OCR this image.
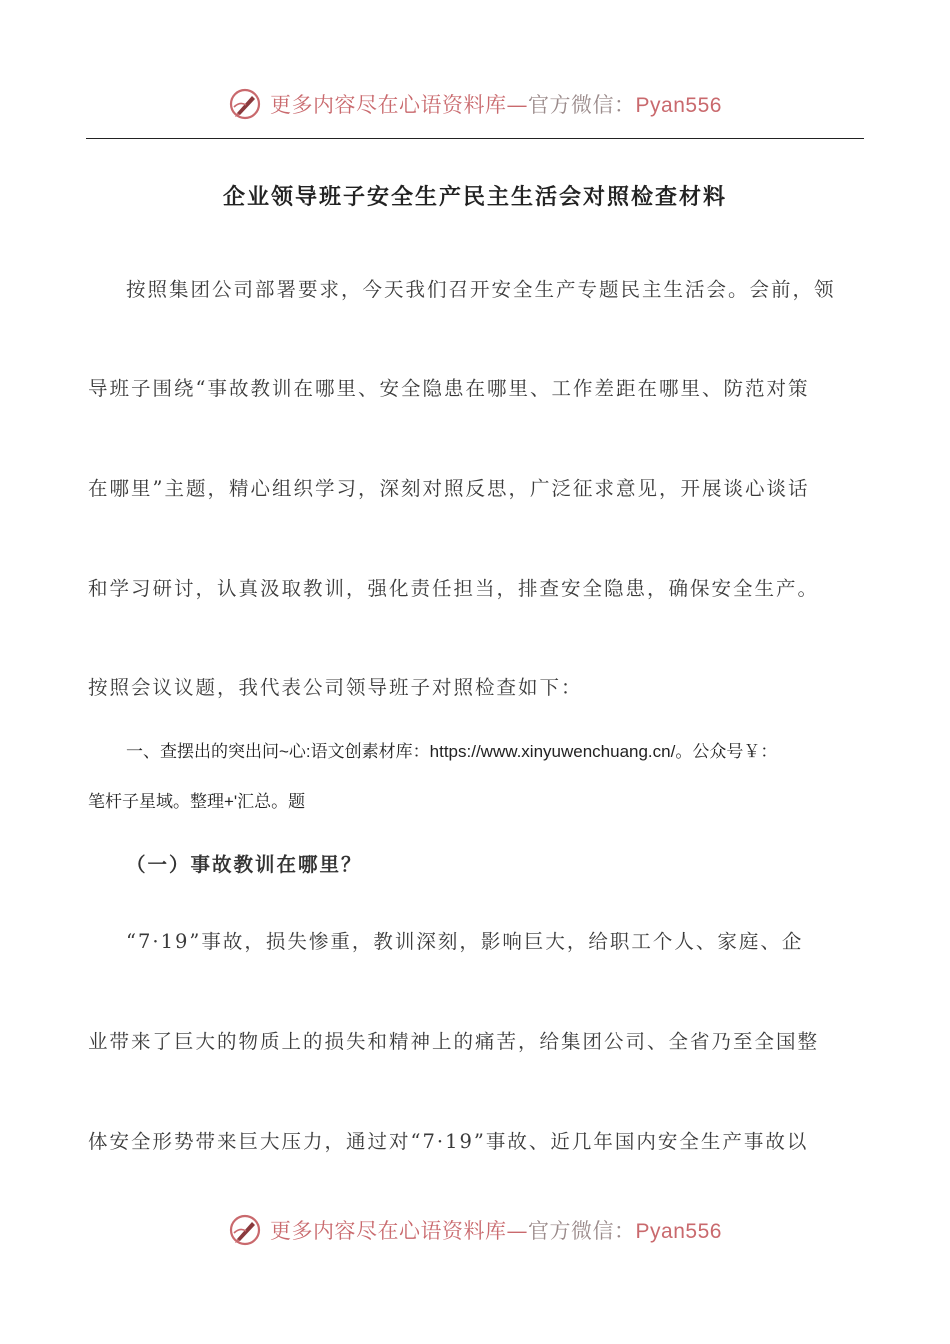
更多内容尽在心语资料库—官方微信：Pyan556
企业领导班子安全生产民主生活会对照检查材料
按照集团公司部署要求，今天我们召开安全生产专题民主生活会。会前，领
导班子围绕“事故教训在哪里、安全隐患在哪里、工作差距在哪里、防范对策
在哪里”主题，精心组织学习，深刻对照反思，广泛征求意见，开展谈心谈话
和学习研讨，认真汲取教训，强化责任担当，排查安全隐患，确保安全生产。
按照会议议题，我代表公司领导班子对照检查如下：
一、查摆出的突出问~心:语文创素材库：https://www.xinyuwenchuang.cn/。公众号￥：
笔杆子星域。整理+'汇总。题
（一）事故教训在哪里？
“7·19”事故，损失惨重，教训深刻，影响巨大，给职工个人、家庭、企
业带来了巨大的物质上的损失和精神上的痛苦，给集团公司、全省乃至全国整
体安全形势带来巨大压力，通过对“7·19”事故、近几年国内安全生产事故以
更多内容尽在心语资料库—官方微信：Pyan556
